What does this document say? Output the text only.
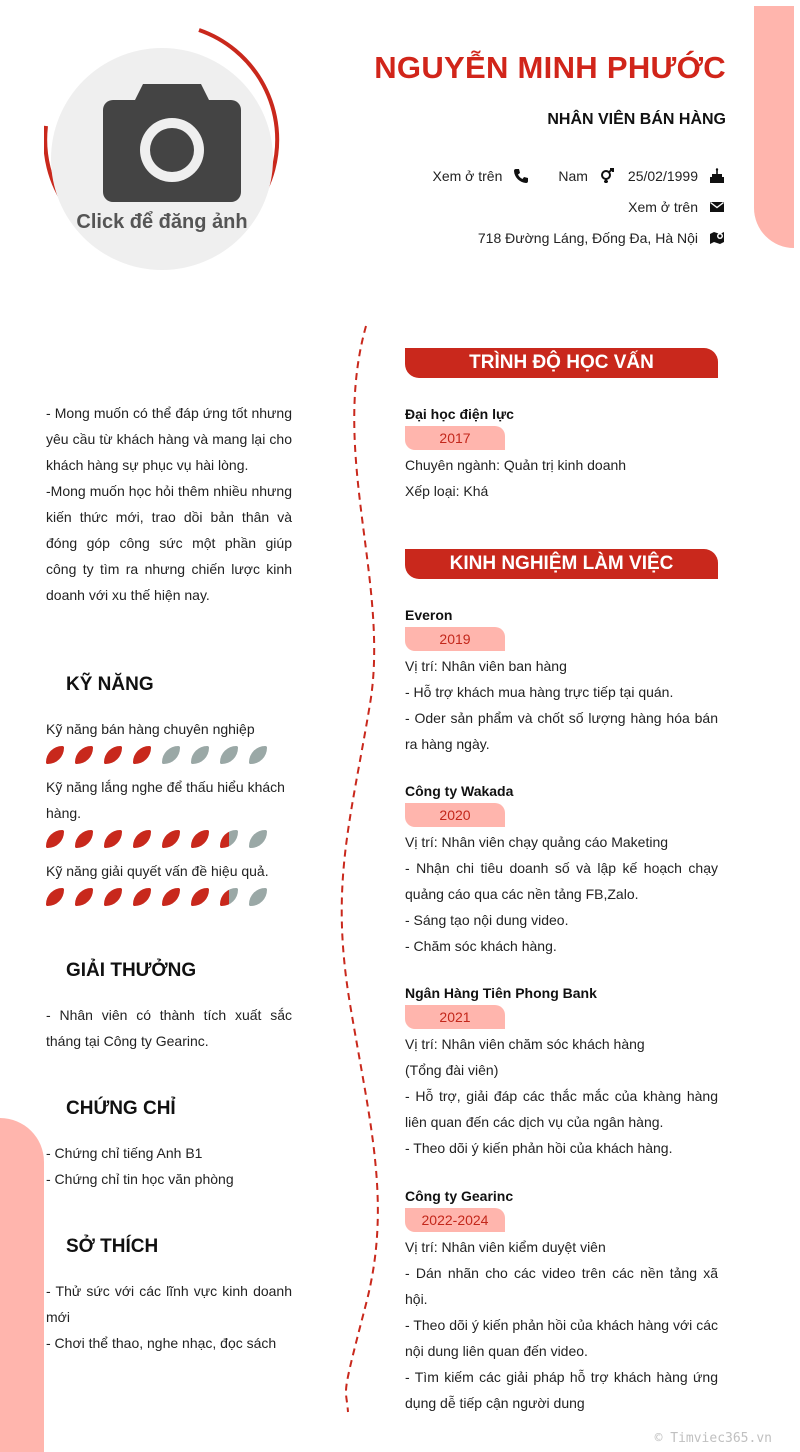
Click để đăng ảnh
NGUYỄN MINH PHƯỚC
NHÂN VIÊN BÁN HÀNG
Xem ở trên	Nam	25/02/1999
Xem ở trên
718 Đường Láng, Đống Đa, Hà Nội

- Mong muốn có thể đáp ứng tốt nhưng yêu cầu từ khách hàng và mang lại cho khách hàng sự phục vụ hài lòng.

-Mong muốn học hỏi thêm nhiều nhưng kiến thức mới, trao dồi bản thân và đóng góp công sức một phần giúp công ty tìm ra nhưng chiến lược kinh doanh với xu thế hiện nay.

KỸ NĂNG
Kỹ năng bán hàng chuyên nghiệp
Kỹ năng lắng nghe để thấu hiểu khách hàng.
Kỹ năng giải quyết vấn đề hiệu quả.
GIẢI THƯỞNG

- Nhân viên có thành tích xuất sắc tháng tại Công ty Gearinc.

CHỨNG CHỈ

- Chứng chỉ tiếng Anh B1

- Chứng chỉ tin học văn phòng

SỞ THÍCH

- Thử sức với các lĩnh vực kinh doanh mới

- Chơi thể thao, nghe nhạc, đọc sách

TRÌNH ĐỘ HỌC VẤN
Đại học điện lực
2017
Chuyên ngành: Quản trị kinh doanh
Xếp loại: Khá
KINH NGHIỆM LÀM VIỆC
Everon
2019
Vị trí: Nhân viên ban hàng
- Hỗ trợ khách mua hàng trực tiếp tại quán.
- Oder sản phẩm và chốt số lượng hàng hóa bán ra hàng ngày.
Công ty Wakada
2020
Vị trí: Nhân viên chạy quảng cáo Maketing
- Nhận chi tiêu doanh số và lập kế hoạch chạy quảng cáo qua các nền tảng FB,Zalo.
- Sáng tạo nội dung video.
- Chăm sóc khách hàng.
Ngân Hàng Tiên Phong Bank
2021
Vị trí: Nhân viên chăm sóc khách hàng
(Tổng đài viên)
- Hỗ trợ, giải đáp các thắc mắc của khàng hàng liên quan đến các dịch vụ của ngân hàng.
- Theo dõi ý kiến phản hồi của khách hàng.
Công ty Gearinc
2022-2024
Vị trí: Nhân viên kiểm duyệt viên
- Dán nhãn cho các video trên các nền tảng xã hội.
- Theo dõi ý kiến phản hồi của khách hàng với các nội dung liên quan đến video.
- Tìm kiếm các giải pháp hỗ trợ khách hàng ứng dụng dễ tiếp cận người dung
© Timviec365.vn
